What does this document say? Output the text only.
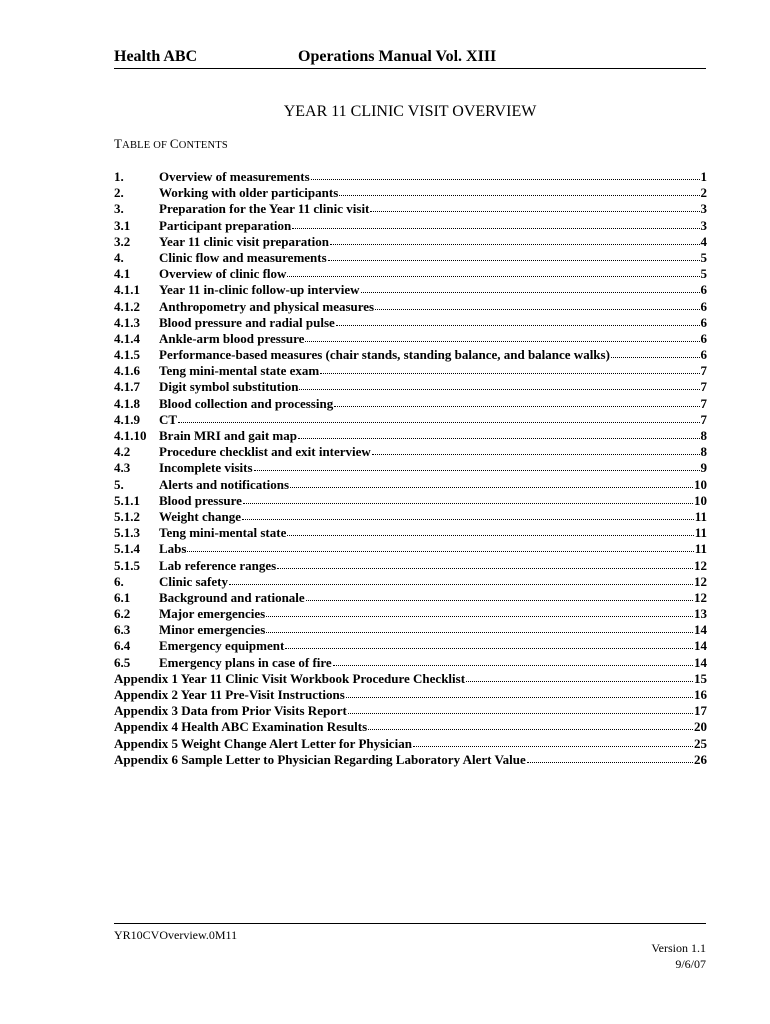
Health ABC	Operations Manual Vol. XIII
YEAR 11 CLINIC VISIT OVERVIEW
TABLE OF CONTENTS
1.	Overview of measurements	1
2.	Working with older participants	2
3.	Preparation for the Year 11 clinic visit	3
3.1	Participant preparation	3
3.2	Year 11 clinic visit preparation	4
4.	Clinic flow and measurements	5
4.1	Overview of clinic flow	5
4.1.1	Year 11 in-clinic follow-up interview	6
4.1.2	Anthropometry and physical measures	6
4.1.3	Blood pressure and radial pulse	6
4.1.4	Ankle-arm blood pressure	6
4.1.5	Performance-based measures (chair stands, standing balance, and balance walks)	6
4.1.6	Teng mini-mental state exam	7
4.1.7	Digit symbol substitution	7
4.1.8	Blood collection and processing	7
4.1.9	CT	7
4.1.10 Brain MRI and gait map	8
4.2	Procedure checklist and exit interview	8
4.3	Incomplete visits	9
5.	Alerts and notifications	10
5.1.1	Blood pressure	10
5.1.2	Weight change	11
5.1.3	Teng mini-mental state	11
5.1.4	Labs	11
5.1.5	Lab reference ranges	12
6.	Clinic safety	12
6.1	Background and rationale	12
6.2	Major emergencies	13
6.3	Minor emergencies	14
6.4	Emergency equipment	14
6.5	Emergency plans in case of fire	14
Appendix 1 Year 11 Clinic Visit Workbook Procedure Checklist	15
Appendix 2 Year 11 Pre-Visit Instructions	16
Appendix 3 Data from Prior Visits Report	17
Appendix 4 Health ABC Examination Results	20
Appendix 5 Weight Change Alert Letter for Physician	25
Appendix 6 Sample Letter to Physician Regarding Laboratory Alert Value	26
YR10CVOverview.0M11
Version 1.1
9/6/07
